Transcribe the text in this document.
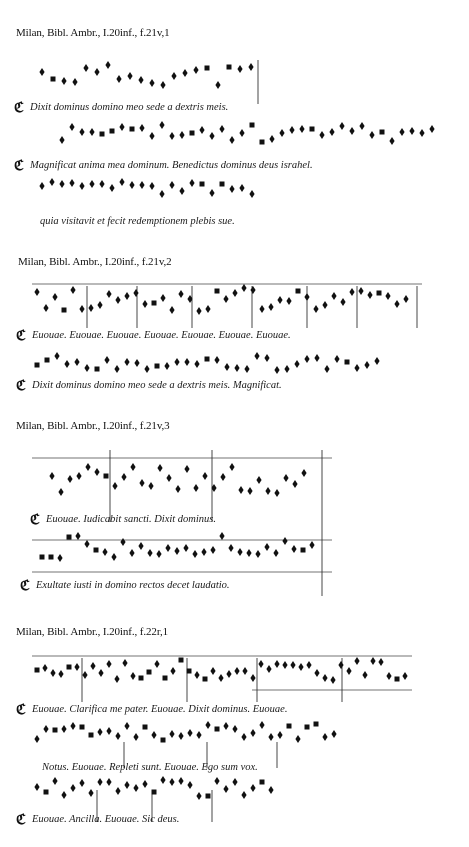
Milan, Bibl. Ambr., I.20inf., f.21v,1
ℭ Dixit dominus domino meo sede a dextris meis.
ℭ Magnificat anima mea dominum. Benedictus dominus deus israhel.
quia visitavit et fecit redemptionem plebis sue.
Milan, Bibl. Ambr., I.20inf., f.21v,2
ℭ Euouae. Euouae. Euouae. Euouae. Euouae. Euouae. Euouae.
ℭ Dixit dominus domino meo sede a dextris meis. Magnificat.
Milan, Bibl. Ambr., I.20inf., f.21v,3
ℭ Euouae. Iudicabit sancti. Dixit dominus.
ℭ Exultate iusti in domino rectos decet laudatio.
Milan, Bibl. Ambr., I.20inf., f.22r,1
ℭ Euouae. Clarifica me pater. Euouae. Dixit dominus. Euouae.
Notus. Euouae. Repleti sunt. Euouae. Ego sum vox.
ℭ Euouae. Ancilla. Euouae. Sic deus.
